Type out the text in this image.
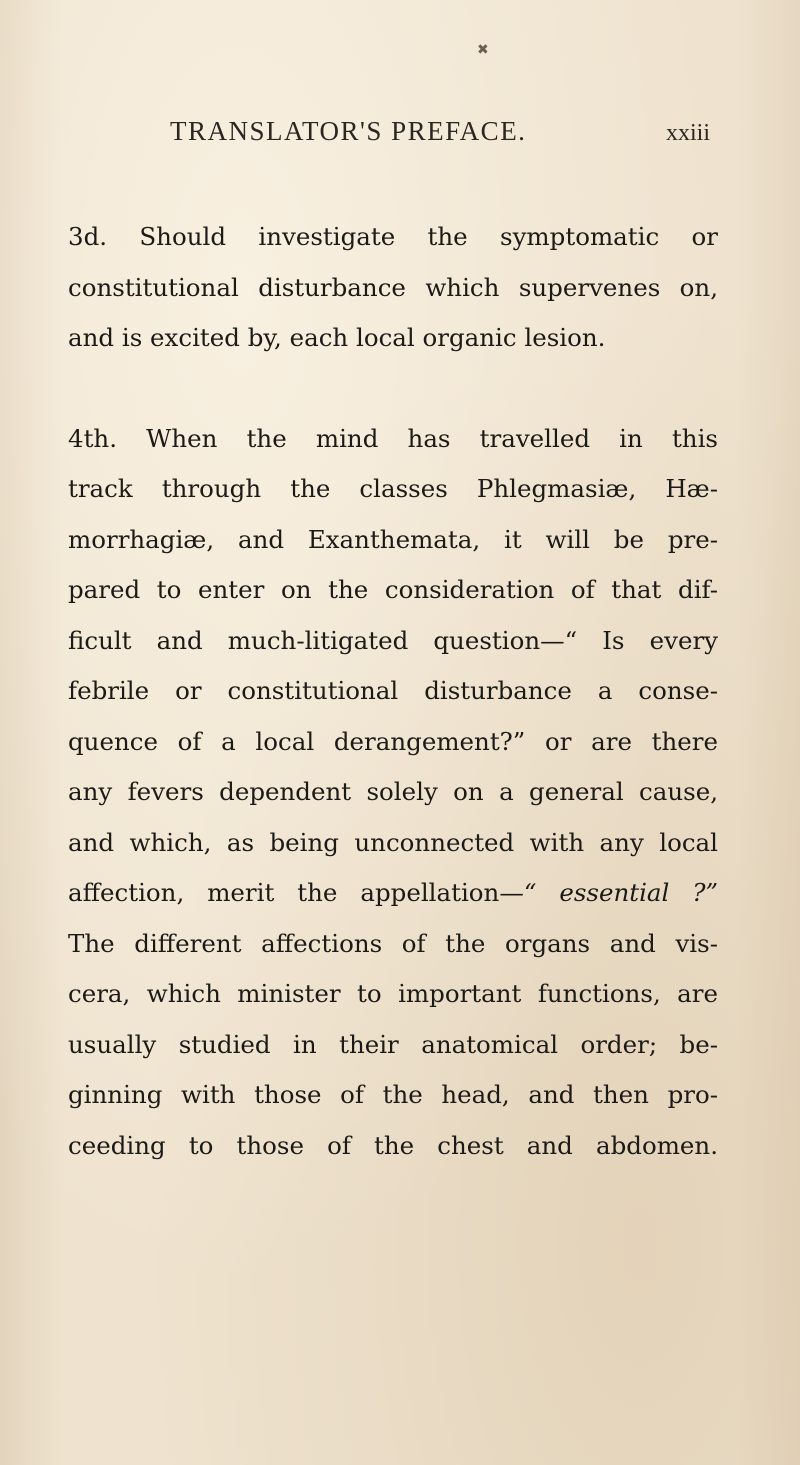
✖
TRANSLATOR'S PREFACE.	xxiii

3d. Should investigate the symptomatic or
constitutional disturbance which supervenes on,
and is excited by, each local organic lesion.

4th. When the mind has travelled in this
track through the classes Phlegmasiæ, Hæ-
morrhagiæ, and Exanthemata, it will be pre-
pared to enter on the consideration of that dif-
ficult and much-litigated question—“ Is every
febrile or constitutional disturbance a conse-
quence of a local derangement?” or are there
any fevers dependent solely on a general cause,
and which, as being unconnected with any local
affection, merit the appellation—“ essential ?”
The different affections of the organs and vis-
cera, which minister to important functions, are
usually studied in their anatomical order; be-
ginning with those of the head, and then pro-
ceeding to those of the chest and abdomen.
